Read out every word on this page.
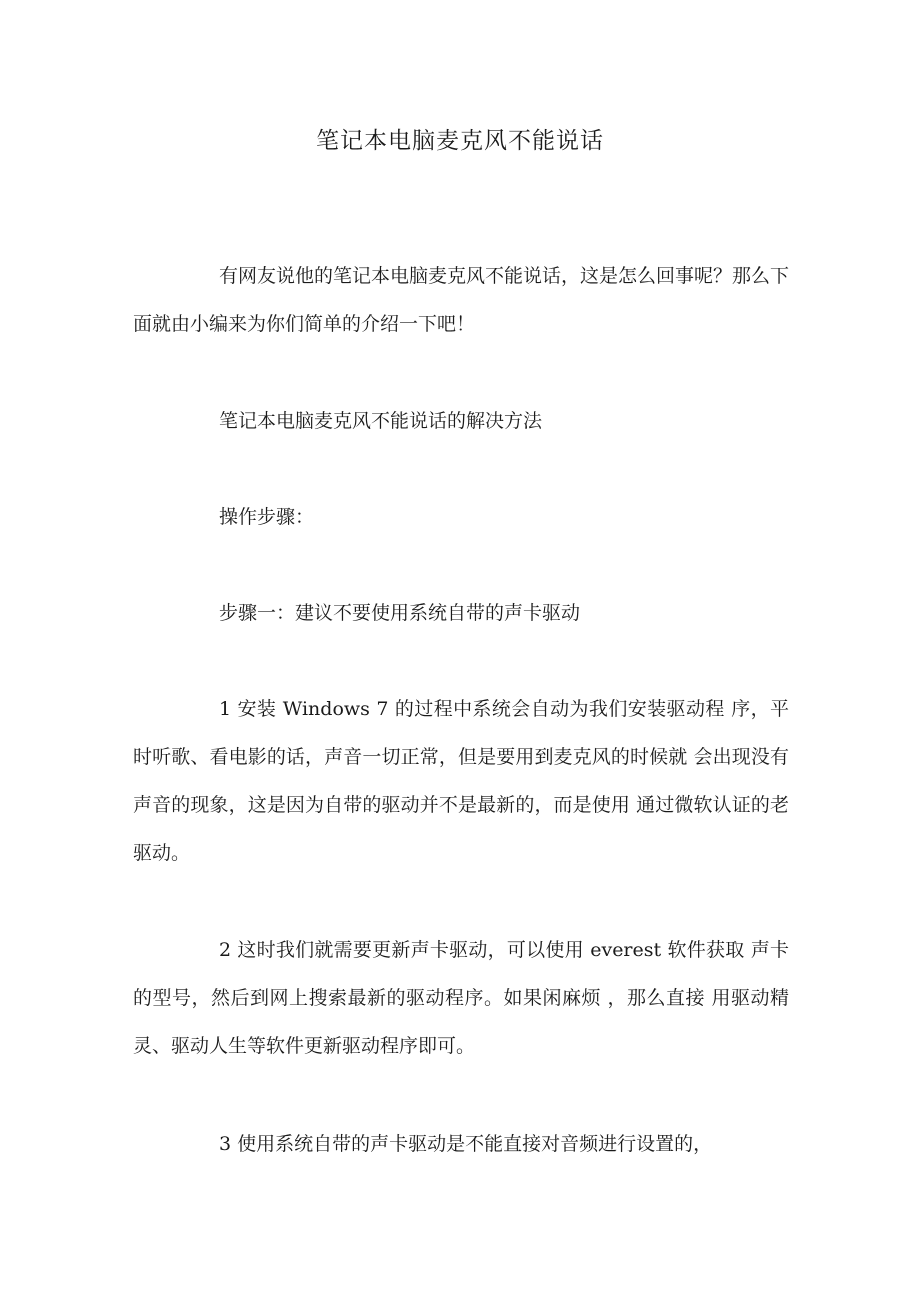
笔记本电脑麦克风不能说话

有网友说他的笔记本电脑麦克风不能说话，这是怎么回事呢？那么下面就由小编来为你们简单的介绍一下吧！

笔记本电脑麦克风不能说话的解决方法

操作步骤：

步骤一：建议不要使用系统自带的声卡驱动

1 安装 Windows 7 的过程中系统会自动为我们安装驱动程 序，平时听歌、看电影的话，声音一切正常，但是要用到麦克风的时候就 会出现没有声音的现象，这是因为自带的驱动并不是最新的，而是使用 通过微软认证的老驱动。

2 这时我们就需要更新声卡驱动，可以使用 everest 软件获取 声卡的型号，然后到网上搜索最新的驱动程序。如果闲麻烦 ，那么直接 用驱动精灵、驱动人生等软件更新驱动程序即可。

3 使用系统自带的声卡驱动是不能直接对音频进行设置的，
